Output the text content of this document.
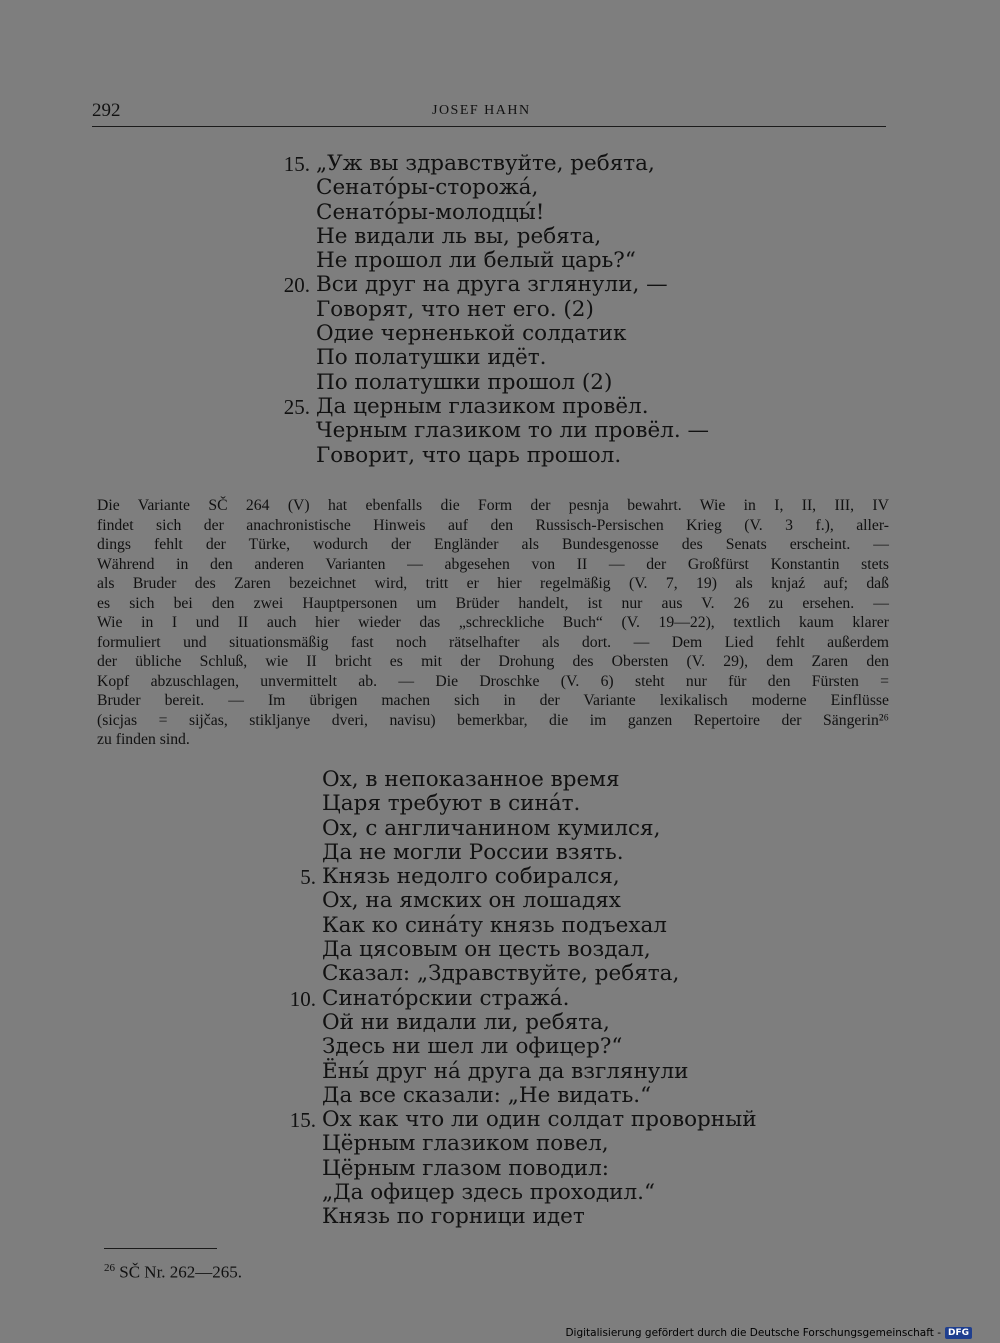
292	JOSEF HAHN
15. „Уж вы здравствуйте, ребята,
Сенато́ры-сторожа́,
Сенато́ры-молодцы́!
Не видали ль вы, ребята,
Не прошол ли белый царь?“
20. Вси друг на друга зглянули, —
Говорят, что нет его. (2)
Одие черненькой солдатик
По полатушки идёт.
По полатушки прошол (2)
25. Да церным глазиком провёл.
Черным глазиком то ли провёл. —
Говорит, что царь прошол.
Die Variante SČ 264 (V) hat ebenfalls die Form der pesnja bewahrt. Wie in I, II, III, IV
findet sich der anachronistische Hinweis auf den Russisch-Persischen Krieg (V. 3 f.), aller-
dings fehlt der Türke, wodurch der Engländer als Bundesgenosse des Senats erscheint. —
Während in den anderen Varianten — abgesehen von II — der Großfürst Konstantin stets
als Bruder des Zaren bezeichnet wird, tritt er hier regelmäßig (V. 7, 19) als knjaź auf; daß
es sich bei den zwei Hauptpersonen um Brüder handelt, ist nur aus V. 26 zu ersehen. —
Wie in I und II auch hier wieder das „schreckliche Buch“ (V. 19—22), textlich kaum klarer
formuliert und situationsmäßig fast noch rätselhafter als dort. — Dem Lied fehlt außerdem
der übliche Schluß, wie II bricht es mit der Drohung des Obersten (V. 29), dem Zaren den
Kopf abzuschlagen, unvermittelt ab. — Die Droschke (V. 6) steht nur für den Fürsten =
Bruder bereit. — Im übrigen machen sich in der Variante lexikalisch moderne Einflüsse
(sicjas = sijčas, stikljanye dveri, navisu) bemerkbar, die im ganzen Repertoire der Sängerin²⁶
zu finden sind.
Ох, в непоказанное время
Царя требуют в сина́т.
Ох, с англичанином кумился,
Да не могли России взять.
5. Князь недолго собирался,
Ох, на ямских он лошадях
Как ко сина́ту князь подъехал
Да цясовым он цесть воздал,
Сказал: „Здравствуйте, ребята,
10. Синато́рскии стража́.
Ой ни видали ли, ребята,
Здесь ни шел ли офицер?“
Ёны́ друг на́ друга да взглянули
Да все сказали: „Не видать.“
15. Ох как что ли один солдат проворный
Цёрным глазиком повел,
Цёрным глазом поводил:
„Да офицер здесь проходил.“
Князь по горници идет
$^{26}$ SČ Nr. 262—265.
Digitalisierung gefördert durch die Deutsche Forschungsgemeinschaft - DFG
